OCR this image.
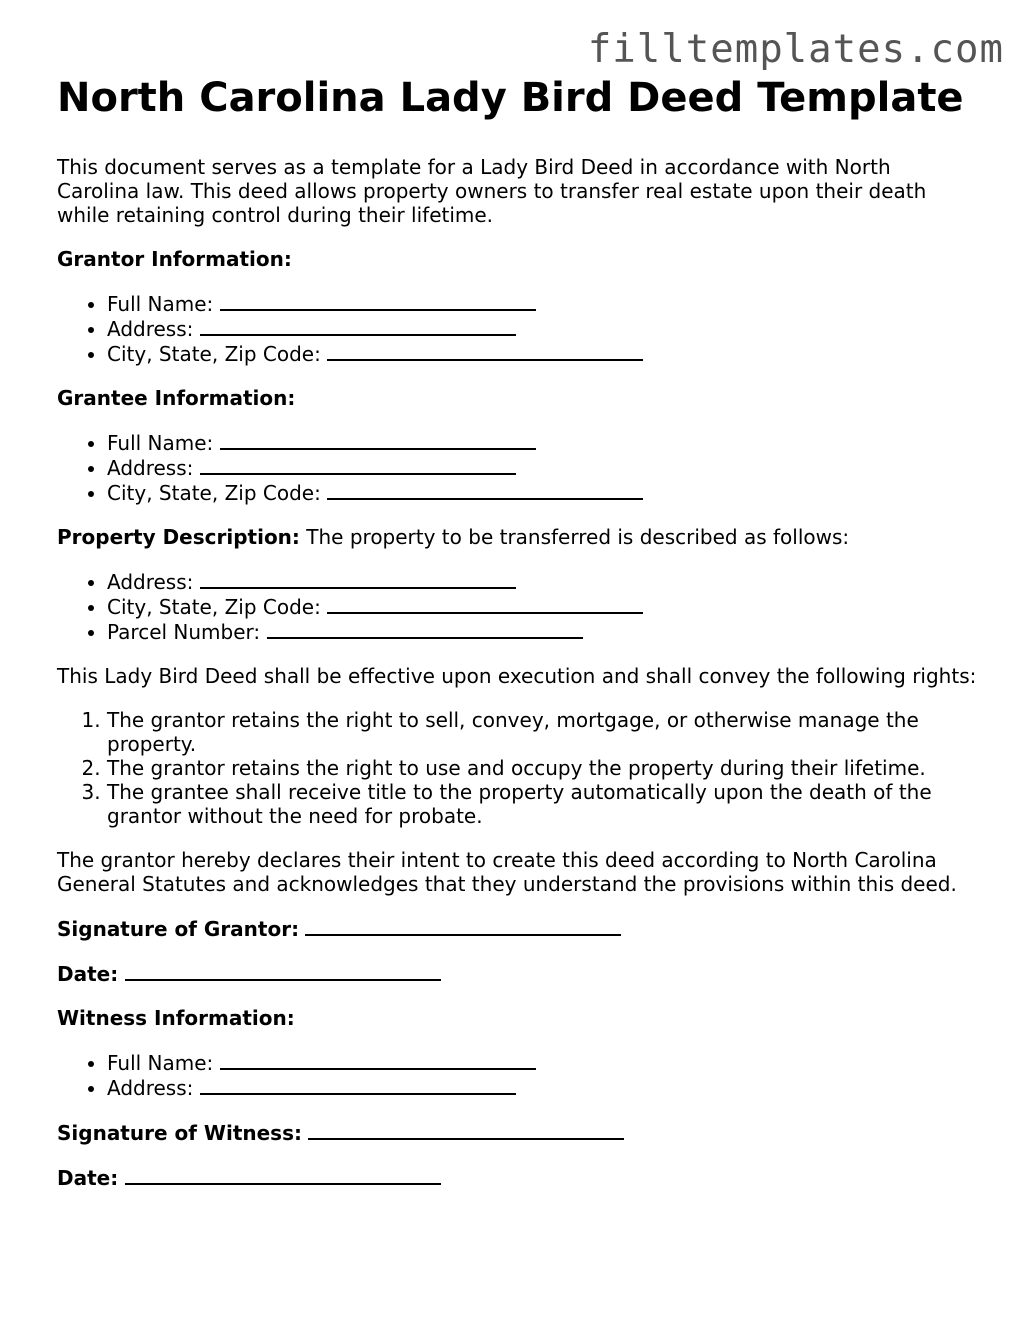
filltemplates.com
North Carolina Lady Bird Deed Template

This document serves as a template for a Lady Bird Deed in accordance with North Carolina law. This deed allows property owners to transfer real estate upon their death while retaining control during their lifetime.

Grantor Information:

• Full Name:
• Address:
• City, State, Zip Code:

Grantee Information:

• Full Name:
• Address:
• City, State, Zip Code:

Property Description: The property to be transferred is described as follows:

• Address:
• City, State, Zip Code:
• Parcel Number:

This Lady Bird Deed shall be effective upon execution and shall convey the following rights:

1. The grantor retains the right to sell, convey, mortgage, or otherwise manage the property.
2. The grantor retains the right to use and occupy the property during their lifetime.
3. The grantee shall receive title to the property automatically upon the death of the grantor without the need for probate.

The grantor hereby declares their intent to create this deed according to North Carolina General Statutes and acknowledges that they understand the provisions within this deed.

Signature of Grantor:

Date:

Witness Information:

• Full Name:
• Address:

Signature of Witness:

Date:
